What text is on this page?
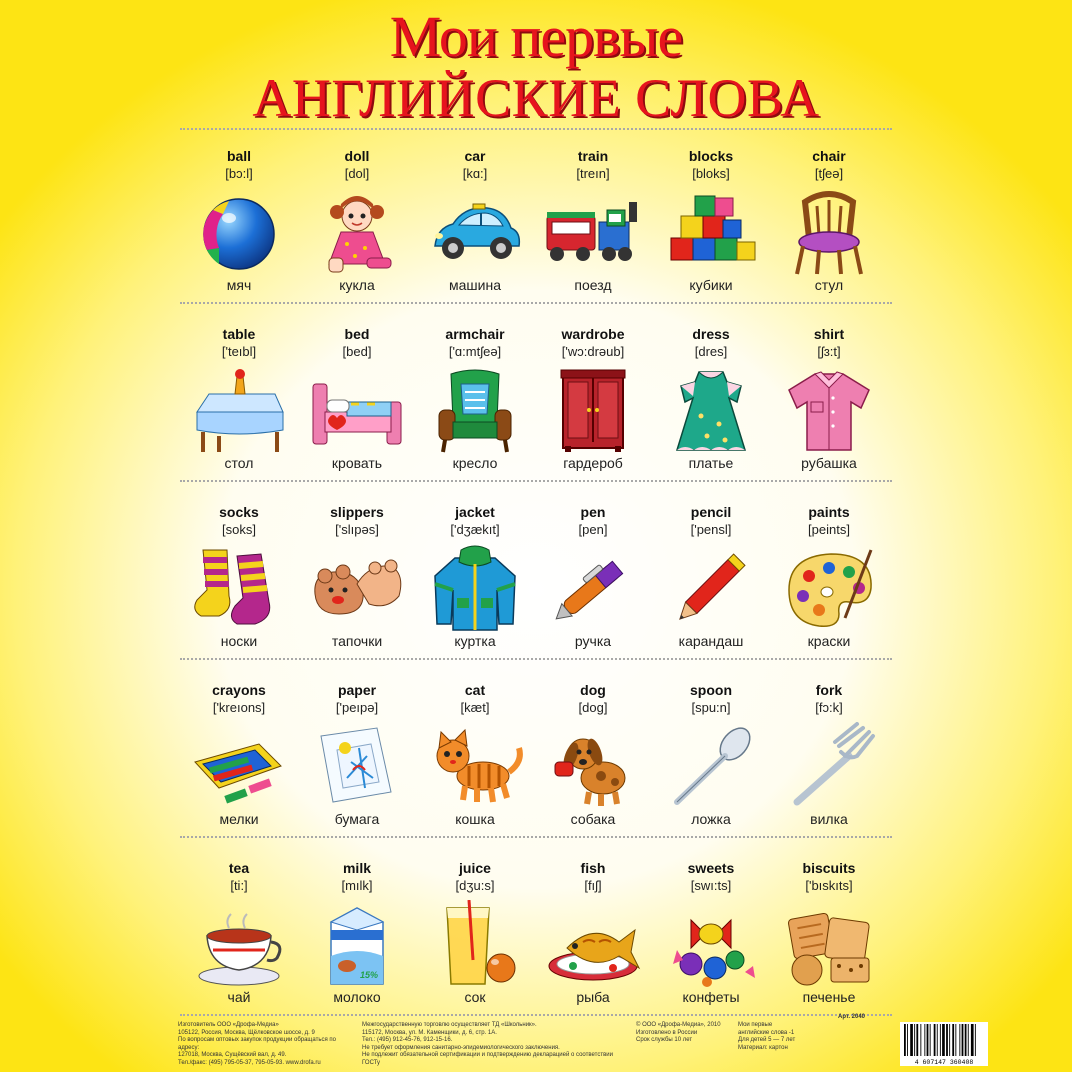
Мои первые
АНГЛИЙСКИЕ СЛОВА
ball
[bɔ:l]
мяч
doll
[dol]
кукла
car
[kɑ:]
машина
train
[treın]
поезд
blocks
[bloks]
кубики
chair
[tʃeə]
стул
table
['teıbl]
стол
bed
[bed]
кровать
armchair
['ɑ:mtʃeə]
кресло
wardrobe
['wɔ:drəub]
гардероб
dress
[dres]
платье
shirt
[ʃɜ:t]
рубашка
socks
[soks]
носки
slippers
['slıpəs]
тапочки
jacket
['dʒækıt]
куртка
pen
[pen]
ручка
pencil
['pensl]
карандаш
paints
[peints]
краски
crayons
['kreıons]
мелки
paper
['peıpə]
бумага
cat
[kæt]
кошка
dog
[dog]
собака
spoon
[spu:n]
ложка
fork
[fɔ:k]
вилка
tea
[ti:]
чай
milk
[mılk]
15%
молоко
juice
[dʒu:s]
сок
fish
[fıʃ]
рыба
sweets
[swı:ts]
конфеты
biscuits
['bıskıts]
печенье
Изготовитель ООО «Дрофа-Медиа»
105122, Россия, Москва, Щёлковское шоссе, д. 9
По вопросам оптовых закупок продукции обращаться по адресу:
127018, Москва, Сущёвский вал, д. 49.
Тел./факс: (495) 795-05-37, 795-05-93. www.drofa.ru
Межгосударственную торговлю осуществляет ТД «Школьник».
115172, Москва, ул. М. Каменщики, д. 6, стр. 1А.
Тел.: (495) 912-45-76, 912-15-16.
Не требует оформления санитарно-эпидемиологического заключения.
Не подлежит обязательной сертификации и подтверждению декларацией о соответствии ГОСТу
© ООО «Дрофа-Медиа», 2010
Изготовлено в России
Срок службы 10 лет
Мои первые
английские слова -1
Для детей 5 — 7 лет
Материал: картон
Арт. 2040
4 607147 360408
